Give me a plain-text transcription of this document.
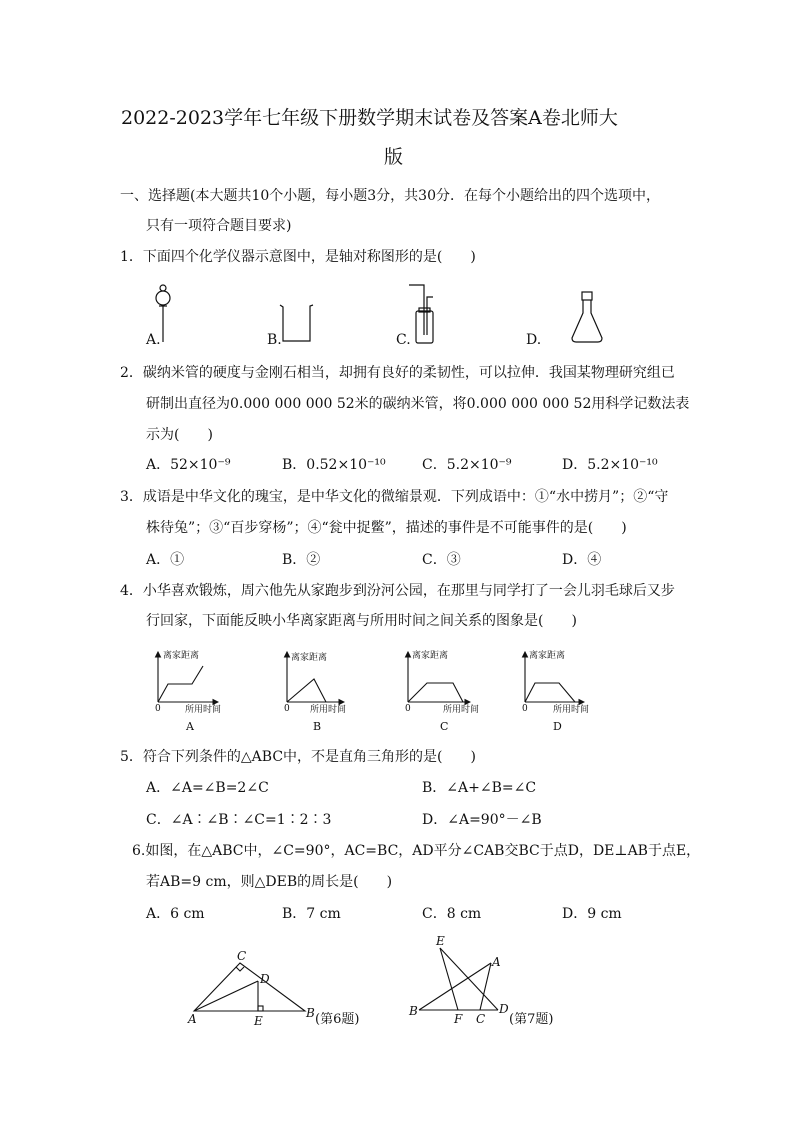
2022-2023学年七年级下册数学期末试卷及答案A卷北师大
版
一、选择题(本大题共10个小题，每小题3分，共30分．在每个小题给出的四个选项中，
只有一项符合题目要求)
1．下面四个化学仪器示意图中，是轴对称图形的是(　　)
A.	B.	C.	D.
2．碳纳米管的硬度与金刚石相当，却拥有良好的柔韧性，可以拉伸．我国某物理研究组已
研制出直径为0.000 000 000 52米的碳纳米管，将0.000 000 000 52用科学记数法表
示为(　　)
A．52×10⁻⁹	B．0.52×10⁻¹⁰	C．5.2×10⁻⁹	D．5.2×10⁻¹⁰
3．成语是中华文化的瑰宝，是中华文化的微缩景观．下列成语中：①“水中捞月”；②“守
株待兔”；③“百步穿杨”；④“瓮中捉鳖”，描述的事件是不可能事件的是(　　)
A．①	B．②	C．③	D．④
4．小华喜欢锻炼，周六他先从家跑步到汾河公园，在那里与同学打了一会儿羽毛球后又步
行回家，下面能反映小华离家距离与所用时间之间关系的图象是(　　)
离家距离
0	所用时间
A
离家距离
0 所用时间
B
离家距离
0	所用时间
C
离家距离
0	所用时间
D
5．符合下列条件的△ABC中，不是直角三角形的是(　　)
A．∠A=∠B=2∠C	B．∠A+∠B=∠C
C．∠A∶∠B∶∠C=1∶2∶3	D．∠A=90°－∠B
6.如图，在△ABC中，∠C=90°，AC=BC，AD平分∠CAB交BC于点D，DE⊥AB于点E，
若AB=9 cm，则△DEB的周长是(　　)
A．6 cm	B．7 cm	C．8 cm	D．9 cm
A	B
C
D
E	(第6题)
A
B
C
D
E
F	(第7题)
